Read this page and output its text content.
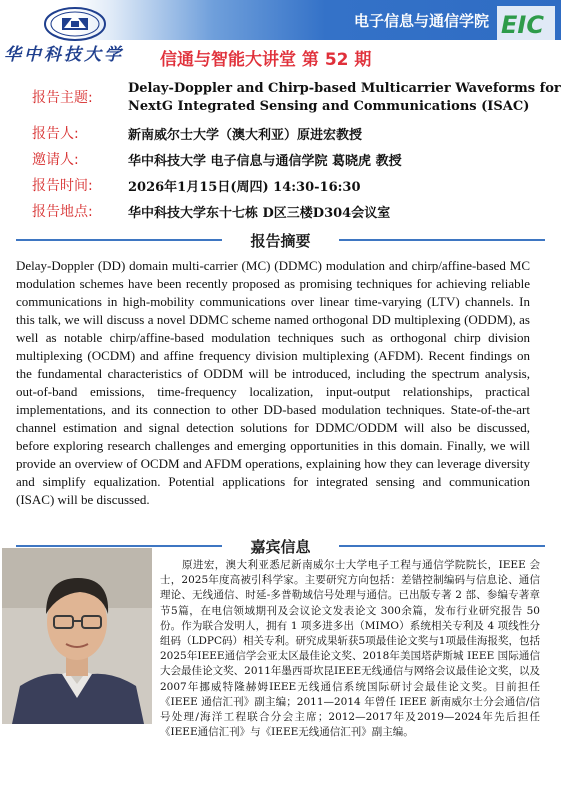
华中科技大学
电子信息与通信学院 EIC
信通与智能大讲堂 第 52 期
报告主题:
Delay-Doppler and Chirp-based Multicarrier Waveforms for
NextG Integrated Sensing and Communications (ISAC)
报告人:	新南威尔士大学（澳大利亚）原进宏教授
邀请人:	华中科技大学 电子信息与通信学院 葛晓虎 教授
报告时间:	2026年1月15日(周四) 14:30-16:30
报告地点:	华中科技大学东十七栋 D区三楼D304会议室
报告摘要
Delay-Doppler (DD) domain multi-carrier (MC) (DDMC) modulation and chirp/affine-based MC modulation schemes have been recently proposed as promising techniques for achieving reliable communications in high-mobility communications over linear time-varying (LTV) channels. In this talk, we will discuss a novel DDMC scheme named orthogonal DD multiplexing (ODDM), as well as notable chirp/affine-based modulation techniques such as orthogonal chirp division multiplexing (OCDM) and affine frequency division multiplexing (AFDM). Recent findings on the fundamental characteristics of ODDM will be introduced, including the spectrum analysis, out-of-band emissions, time-frequency localization, input-output relationships, practical implementations, and its connection to other DD-based modulation techniques. State-of-the-art channel estimation and signal detection solutions for DDMC/ODDM will also be discussed, before exploring research challenges and emerging opportunities in this domain. Finally, we will provide an overview of OCDM and AFDM operations, explaining how they can leverage diversity and simplify equalization. Potential applications for integrated sensing and communication (ISAC) will be discussed.
嘉宾信息
原进宏，澳大利亚悉尼新南威尔士大学电子工程与通信学院院长，IEEE 会士，2025年度高被引科学家。主要研究方向包括：差错控制编码与信息论、通信理论、无线通信、时延-多普勒域信号处理与通信。已出版专著 2 部、参编专著章节5篇，在电信领域期刊及会议论文发表论文 300余篇，发布行业研究报告 50 份。作为联合发明人，拥有 1 项多进多出（MIMO）系统相关专利及 4 项线性分组码（LDPC码）相关专利。研究成果斩获5项最佳论文奖与1项最佳海报奖，包括 2025年IEEE通信学会亚太区最佳论文奖、2018年美国塔萨斯城 IEEE 国际通信大会最佳论文奖、2011年墨西哥坎昆IEEE无线通信与网络会议最佳论文奖，以及2007年挪威特隆赫姆IEEE无线通信系统国际研讨会最佳论文奖。目前担任《IEEE 通信汇刊》副主编；2011—2014 年曾任 IEEE 新南威尔士分会通信/信号处理/海洋工程联合分会主席；2012—2017年及2019—2024年先后担任《IEEE通信汇刊》与《IEEE无线通信汇刊》副主编。
